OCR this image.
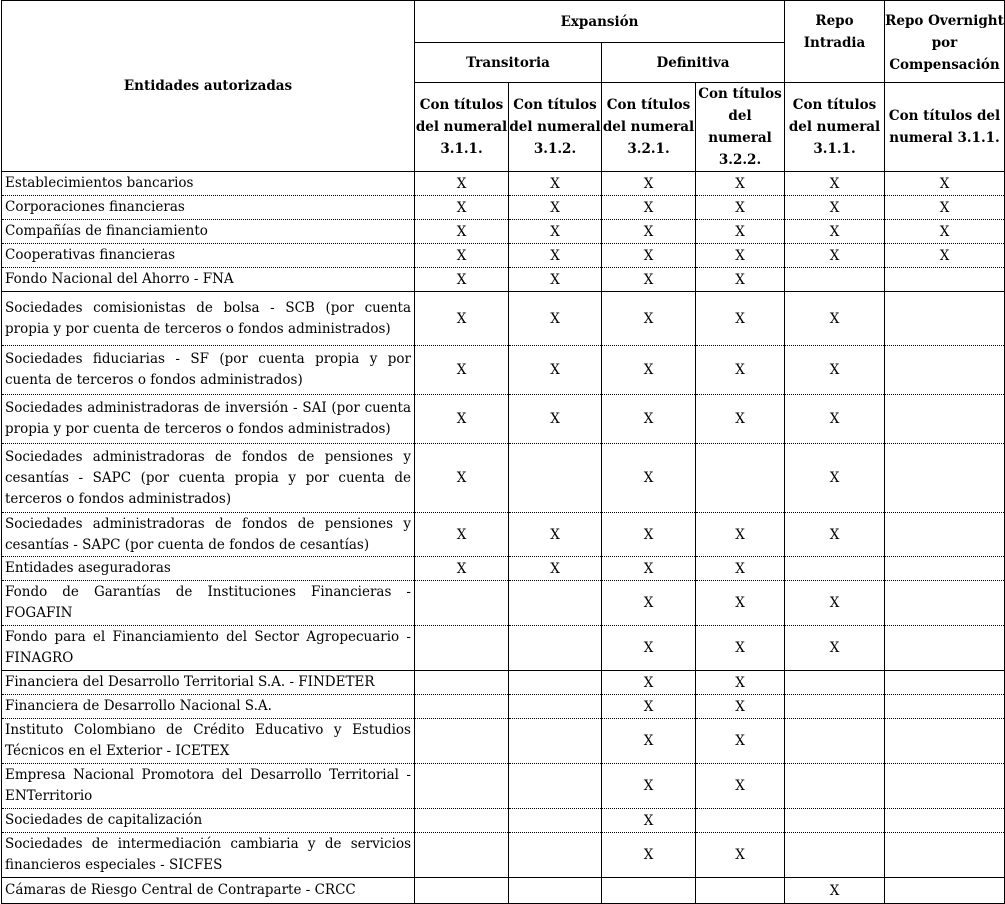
Entidades autorizadas	Expansión				Repo Intradia	Repo Overnight por Compensación
	Transitoria		Definitiva			
	Con títulos del numeral 3.1.1.	Con títulos del numeral 3.1.2.	Con títulos del numeral 3.2.1.	Con títulos del numeral 3.2.2.	Con títulos del numeral 3.1.1.	Con títulos del numeral 3.1.1.
Establecimientos bancarios	X	X	X	X	X	X
Corporaciones financieras	X	X	X	X	X	X
Compañías de financiamiento	X	X	X	X	X	X
Cooperativas financieras	X	X	X	X	X	X
Fondo Nacional del Ahorro - FNA	X	X	X	X		
Sociedades comisionistas de bolsa - SCB (por cuenta propia y por cuenta de terceros o fondos administrados)	X	X	X	X	X	
Sociedades fiduciarias - SF (por cuenta propia y por cuenta de terceros o fondos administrados)	X	X	X	X	X	
Sociedades administradoras de inversión - SAI (por cuenta propia y por cuenta de terceros o fondos administrados)	X	X	X	X	X	
Sociedades administradoras de fondos de pensiones y cesantías - SAPC (por cuenta propia y por cuenta de terceros o fondos administrados)	X		X		X	
Sociedades administradoras de fondos de pensiones y cesantías - SAPC (por cuenta de fondos de cesantías)	X	X	X	X	X	
Entidades aseguradoras	X	X	X	X		
Fondo de Garantías de Instituciones Financieras - FOGAFIN			X	X	X	
Fondo para el Financiamiento del Sector Agropecuario - FINAGRO			X	X	X	
Financiera del Desarrollo Territorial S.A. - FINDETER			X	X		
Financiera de Desarrollo Nacional S.A.			X	X		
Instituto Colombiano de Crédito Educativo y Estudios Técnicos en el Exterior - ICETEX			X	X		
Empresa Nacional Promotora del Desarrollo Territorial - ENTerritorio			X	X		
Sociedades de capitalización			X			
Sociedades de intermediación cambiaria y de servicios financieros especiales - SICFES			X	X		
Cámaras de Riesgo Central de Contraparte - CRCC					X	
